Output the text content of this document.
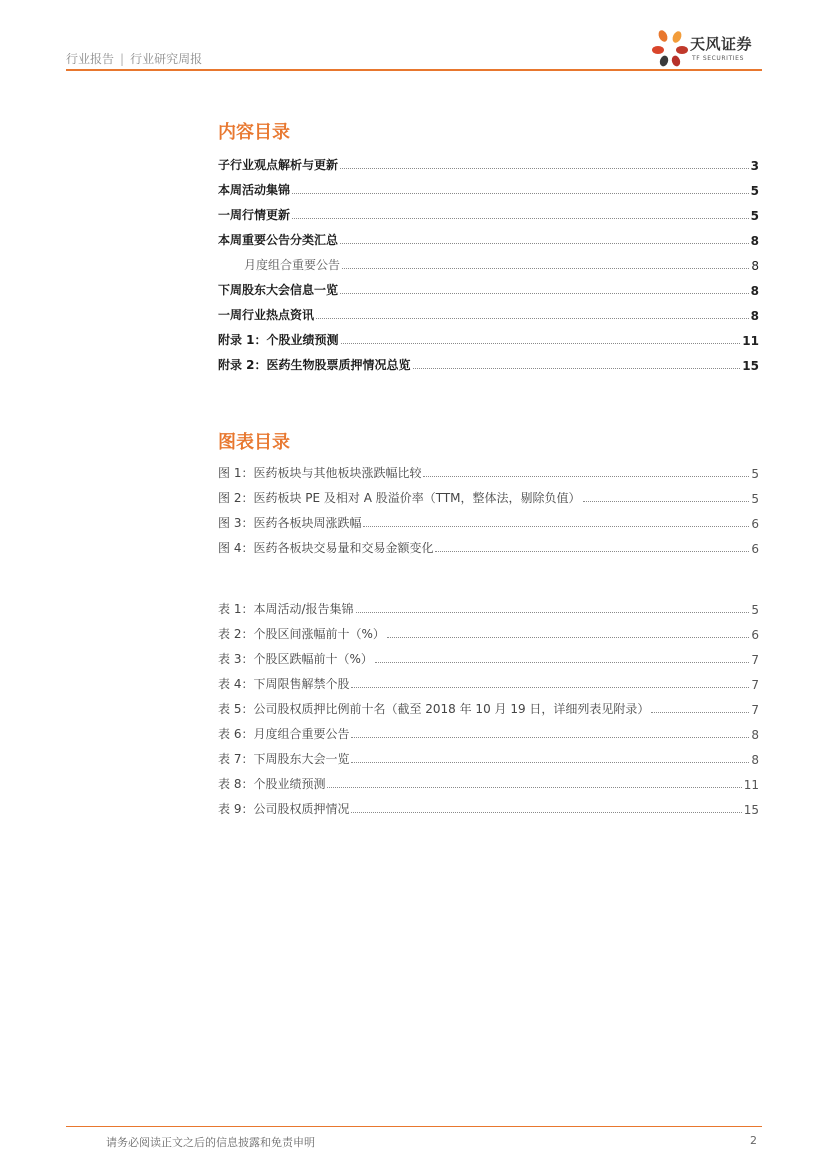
行业报告 | 行业研究周报
天风证券
TF SECURITIES
内容目录
子行业观点解析与更新	3
本周活动集锦	5
一周行情更新	5
本周重要公告分类汇总	8
月度组合重要公告	8
下周股东大会信息一览	8
一周行业热点资讯	8
附录 1：个股业绩预测	11
附录 2：医药生物股票质押情况总览	15
图表目录
图 1：医药板块与其他板块涨跌幅比较	5
图 2：医药板块 PE 及相对 A 股溢价率（TTM，整体法，剔除负值）	5
图 3：医药各板块周涨跌幅	6
图 4：医药各板块交易量和交易金额变化	6
表 1：本周活动/报告集锦	5
表 2：个股区间涨幅前十（%）	6
表 3：个股区跌幅前十（%）	7
表 4：下周限售解禁个股	7
表 5：公司股权质押比例前十名（截至 2018 年 10 月 19 日，详细列表见附录）	7
表 6：月度组合重要公告	8
表 7：下周股东大会一览	8
表 8：个股业绩预测	11
表 9：公司股权质押情况	15
请务必阅读正文之后的信息披露和免责申明	2
